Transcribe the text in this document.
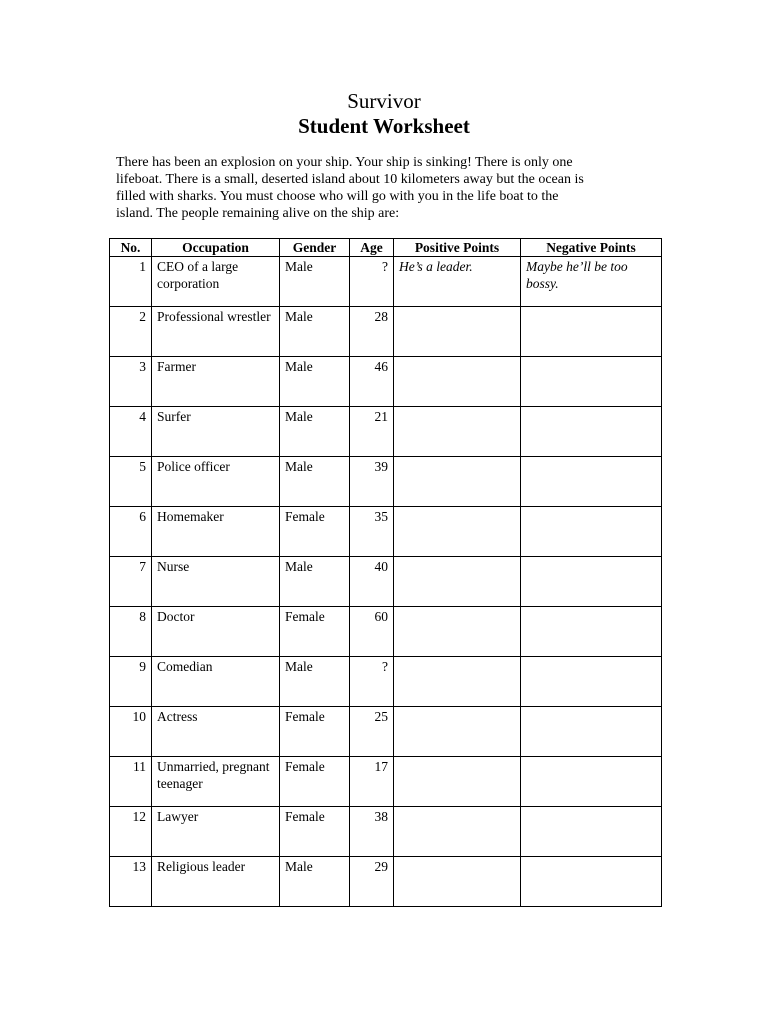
Survivor
Student Worksheet

There has been an explosion on your ship. Your ship is sinking! There is only one
lifeboat. There is a small, deserted island about 10 kilometers away but the ocean is
filled with sharks. You must choose who will go with you in the life boat to the
island. The people remaining alive on the ship are:

No.	Occupation	Gender	Age	Positive Points	Negative Points
1	CEO of a large corporation	Male	?	He’s a leader.	Maybe he’ll be too bossy.
2	Professional wrestler	Male	28		
3	Farmer	Male	46		
4	Surfer	Male	21		
5	Police officer	Male	39		
6	Homemaker	Female	35		
7	Nurse	Male	40		
8	Doctor	Female	60		
9	Comedian	Male	?		
10	Actress	Female	25		
11	Unmarried, pregnant teenager	Female	17		
12	Lawyer	Female	38		
13	Religious leader	Male	29		
